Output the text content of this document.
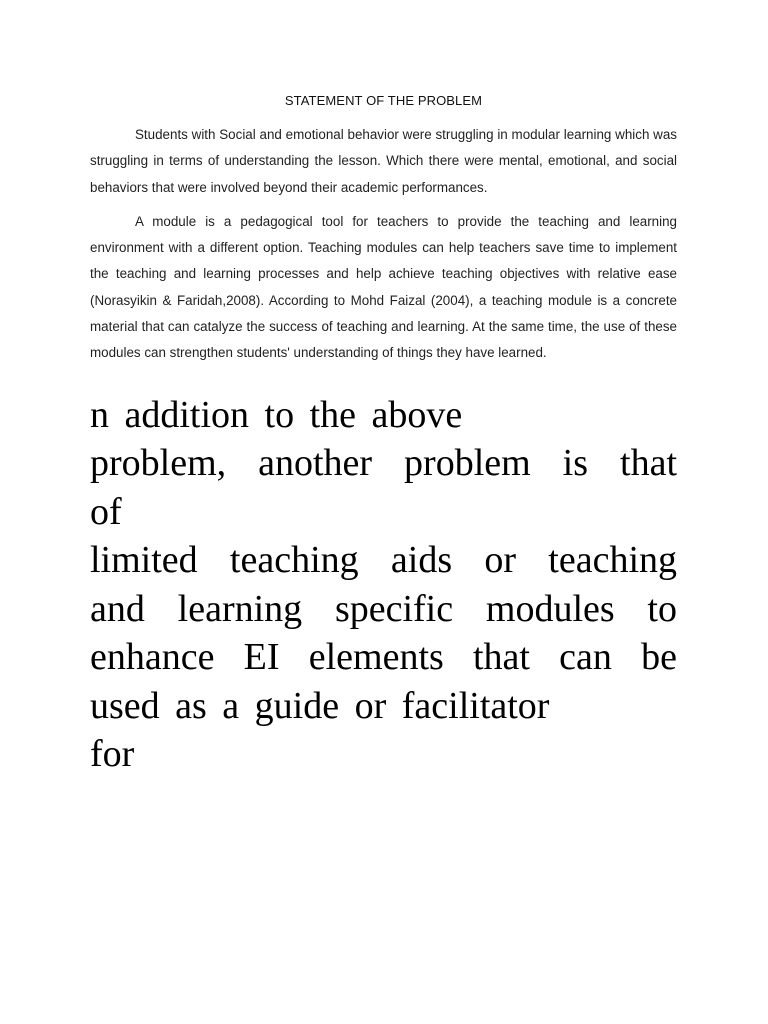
STATEMENT OF THE PROBLEM

Students with Social and emotional behavior were struggling in modular learning which was struggling in terms of understanding the lesson. Which there were mental, emotional, and social behaviors that were involved beyond their academic performances.

A module is a pedagogical tool for teachers to provide the teaching and learning environment with a different option. Teaching modules can help teachers save time to implement the teaching and learning processes and help achieve teaching objectives with relative ease (Norasyikin & Faridah,2008). According to Mohd Faizal (2004), a teaching module is a concrete material that can catalyze the success of teaching and learning. At the same time, the use of these modules can strengthen students' understanding of things they have learned.

n addition to the above
problem, another problem is that
of
limited teaching aids or teaching
and learning specific modules to
enhance EI elements that can be
used as a guide or facilitator
for
